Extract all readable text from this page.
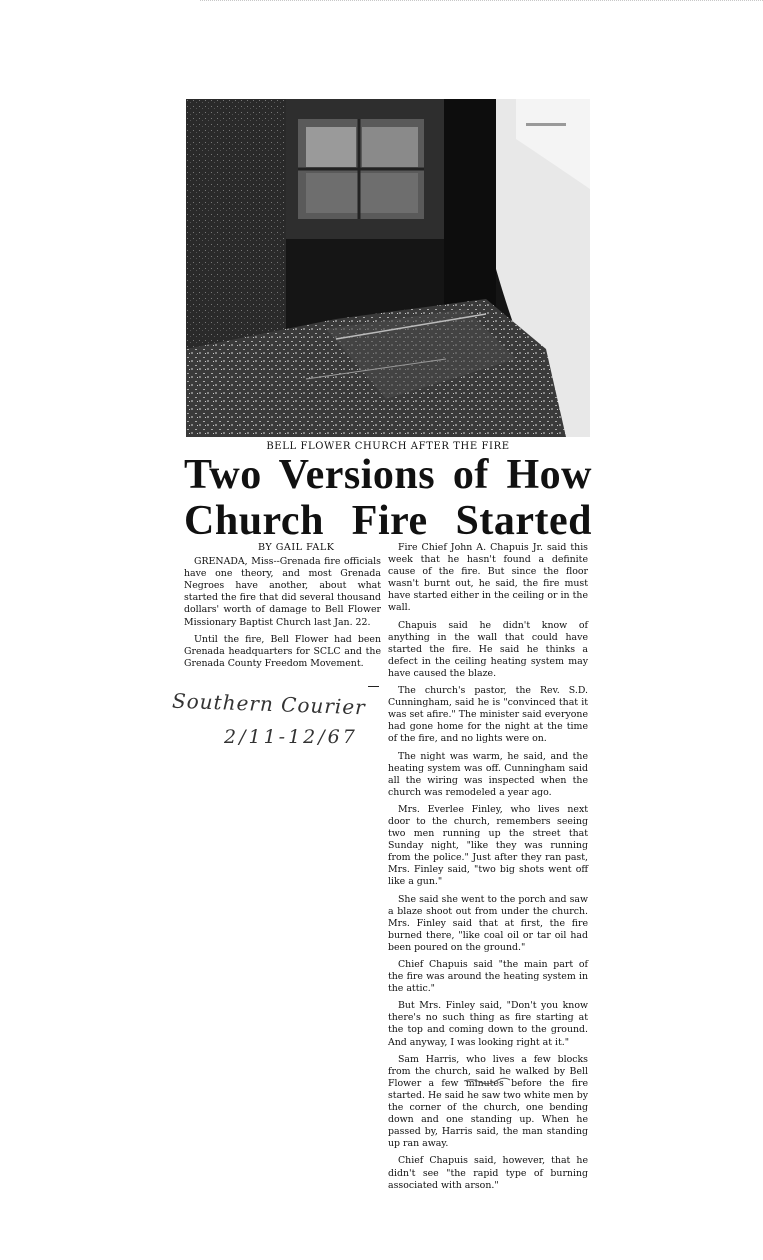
BELL FLOWER CHURCH AFTER THE FIRE
Two Versions of How
Church Fire Started
BY GAIL FALK

GRENADA, Miss--Grenada fire officials have one theory, and most Grenada Negroes have another, about what started the fire that did several thousand dollars' worth of damage to Bell Flower Missionary Baptist Church last Jan. 22.

Until the fire, Bell Flower had been Grenada headquarters for SCLC and the Grenada County Freedom Movement.

Southern Courier
2/11-12/67

Fire Chief John A. Chapuis Jr. said this week that he hasn't found a definite cause of the fire. But since the floor wasn't burnt out, he said, the fire must have started either in the ceiling or in the wall.

Chapuis said he didn't know of anything in the wall that could have started the fire. He said he thinks a defect in the ceiling heating system may have caused the blaze.

The church's pastor, the Rev. S.D. Cunningham, said he is "convinced that it was set afire." The minister said everyone had gone home for the night at the time of the fire, and no lights were on.

The night was warm, he said, and the heating system was off. Cunningham said all the wiring was inspected when the church was remodeled a year ago.

Mrs. Everlee Finley, who lives next door to the church, remembers seeing two men running up the street that Sunday night, "like they was running from the police." Just after they ran past, Mrs. Finley said, "two big shots went off like a gun."

She said she went to the porch and saw a blaze shoot out from under the church. Mrs. Finley said that at first, the fire burned there, "like coal oil or tar oil had been poured on the ground."

Chief Chapuis said "the main part of the fire was around the heating system in the attic."

But Mrs. Finley said, "Don't you know there's no such thing as fire starting at the top and coming down to the ground. And anyway, I was looking right at it."

Sam Harris, who lives a few blocks from the church, said he walked by Bell Flower a few minutes before the fire started. He said he saw two white men by the corner of the church, one bending down and one standing up. When he passed by, Harris said, the man standing up ran away.

Chief Chapuis said, however, that he didn't see "the rapid type of burning associated with arson."
